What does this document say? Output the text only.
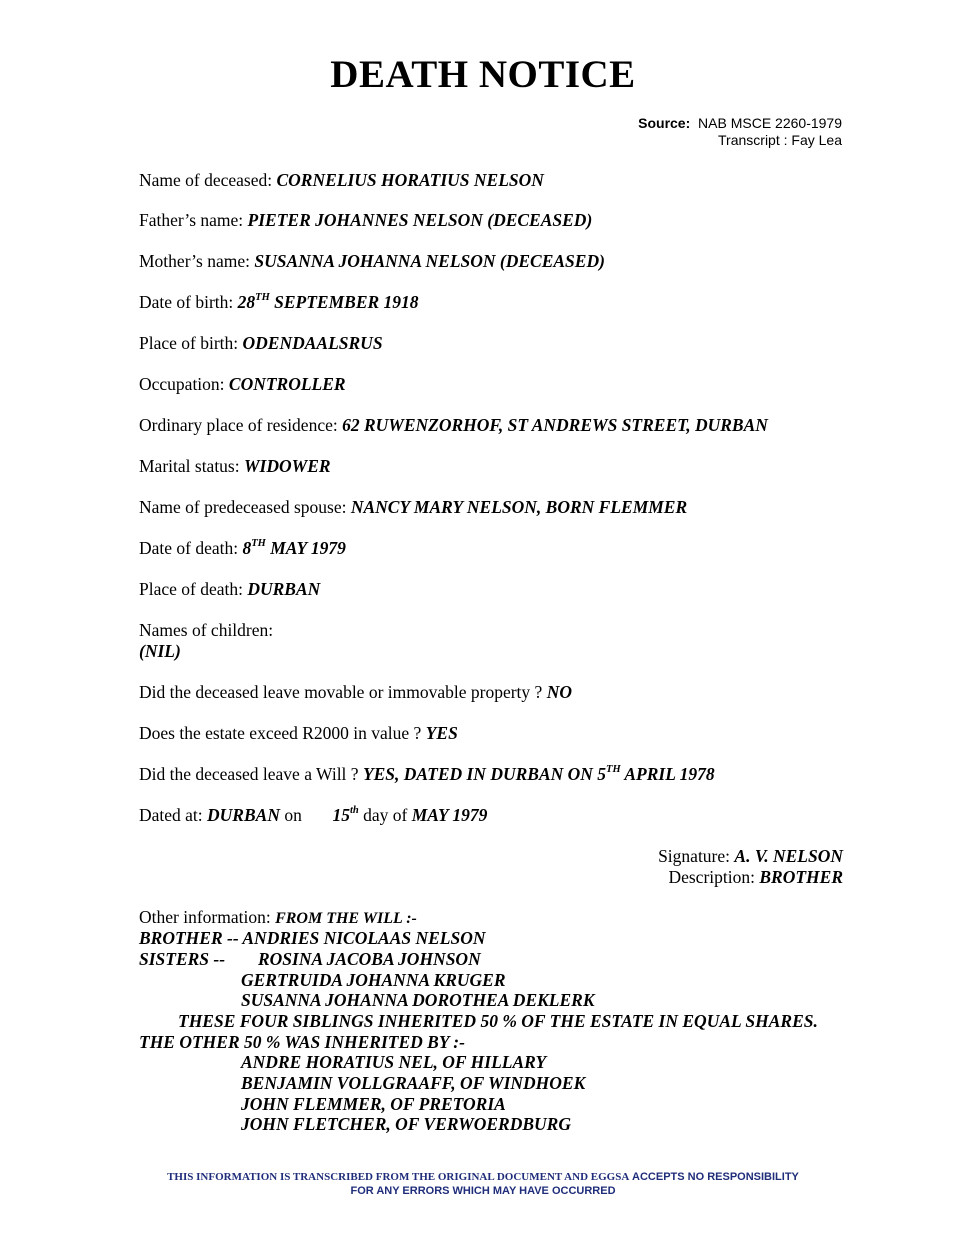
DEATH NOTICE
Source: NAB MSCE 2260-1979
Transcript : Fay Lea
Name of deceased: CORNELIUS HORATIUS NELSON
Father’s name: PIETER JOHANNES NELSON (DECEASED)
Mother’s name: SUSANNA JOHANNA NELSON (DECEASED)
Date of birth: 28TH SEPTEMBER 1918
Place of birth: ODENDAALSRUS
Occupation: CONTROLLER
Ordinary place of residence: 62 RUWENZORHOF, ST ANDREWS STREET, DURBAN
Marital status: WIDOWER
Name of predeceased spouse: NANCY MARY NELSON, BORN FLEMMER
Date of death: 8TH MAY 1979
Place of death: DURBAN
Names of children:
(NIL)
Did the deceased leave movable or immovable property ? NO
Does the estate exceed R2000 in value ? YES
Did the deceased leave a Will ? YES, DATED IN DURBAN ON 5TH APRIL 1978
Dated at: DURBAN on 15th day of MAY 1979
Signature: A. V. NELSON
Description: BROTHER
Other information: FROM THE WILL :-
BROTHER -- ANDRIES NICOLAAS NELSON
SISTERS -- ROSINA JACOBA JOHNSON
GERTRUIDA JOHANNA KRUGER
SUSANNA JOHANNA DOROTHEA DEKLERK
THESE FOUR SIBLINGS INHERITED 50 % OF THE ESTATE IN EQUAL SHARES.
THE OTHER 50 % WAS INHERITED BY :-
ANDRE HORATIUS NEL, OF HILLARY
BENJAMIN VOLLGRAAFF, OF WINDHOEK
JOHN FLEMMER, OF PRETORIA
JOHN FLETCHER, OF VERWOERDBURG
THIS INFORMATION IS TRANSCRIBED FROM THE ORIGINAL DOCUMENT AND EGGSA ACCEPTS NO RESPONSIBILITY
FOR ANY ERRORS WHICH MAY HAVE OCCURRED
